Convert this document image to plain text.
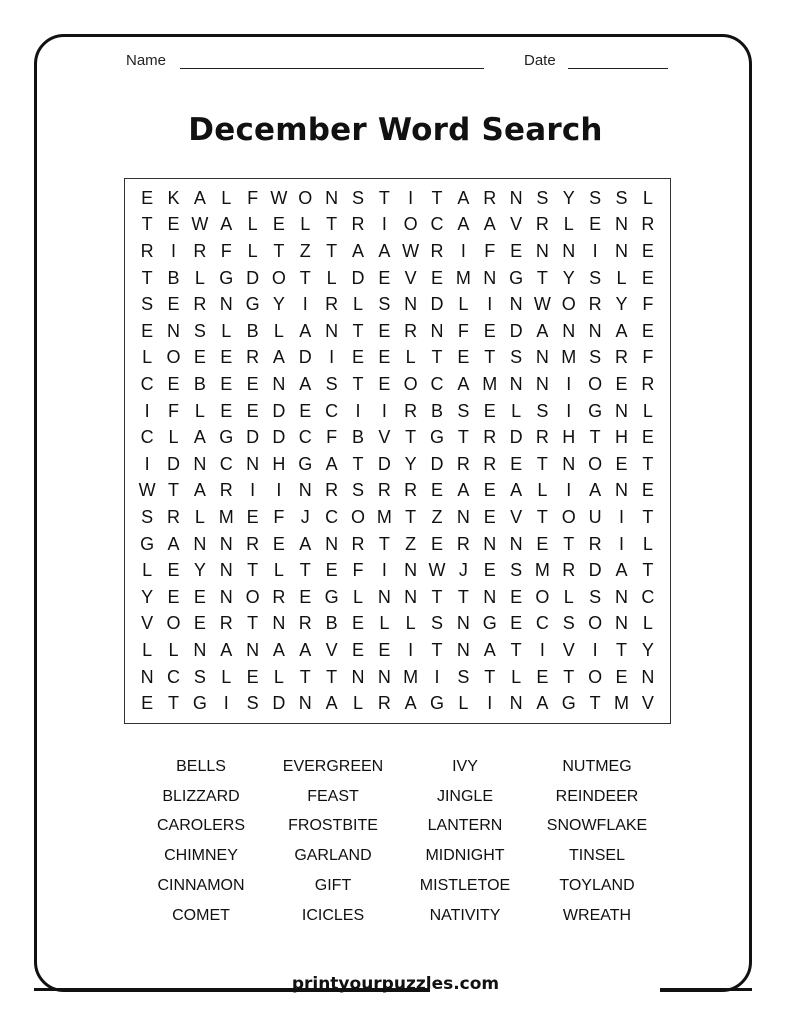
Name	Date
December Word Search
E K A L F W O N S T	I	T A R N S Y S S L
T E W A L E L T R I O C A A V R L E N R
R I R F L T Z T A A W R I	F E N N I N E
T B L G D O T L D E V E M N G T Y S L E
S E R N G Y I R L S N D L	I N W O R Y F
E N S L B L A N T E R N F E D A N N A E
L O E E R A D I E E L T E T S N M S R F
C E B E E N A S T E O C A M N N I O E R
I	F L E E D E C I	I R B S E L S I G N L
C L A G D D C F B V T G T R D R H T H E
I D N C N H G A T D Y D R R E T N O E T
W T A R I	I N R S R R E A E A L	I A N E
S R L M E F J C O M T Z N E V T O U I	T
G A N N R E A N R T Z E R N N E T R I	L
L E Y N T L T E F	I N W J E S M R D A T
Y E E N O R E G L N N T T N E O L S N C
V O E R T N R B E L L S N G E C S O N L
L L N A N A A V E E I	T N A T	I V I	T Y
N C S L E L T T N N M I S T L E T O E N
E T G I S D N A L R A G L	I N A G T M V
BELLS	EVERGREEN	IVY	NUTMEG
BLIZZARD	FEAST	JINGLE	REINDEER
CAROLERS	FROSTBITE	LANTERN	SNOWFLAKE
CHIMNEY	GARLAND	MIDNIGHT	TINSEL
CINNAMON	GIFT	MISTLETOE	TOYLAND
COMET	ICICLES	NATIVITY	WREATH
printyourpuzzles.com
